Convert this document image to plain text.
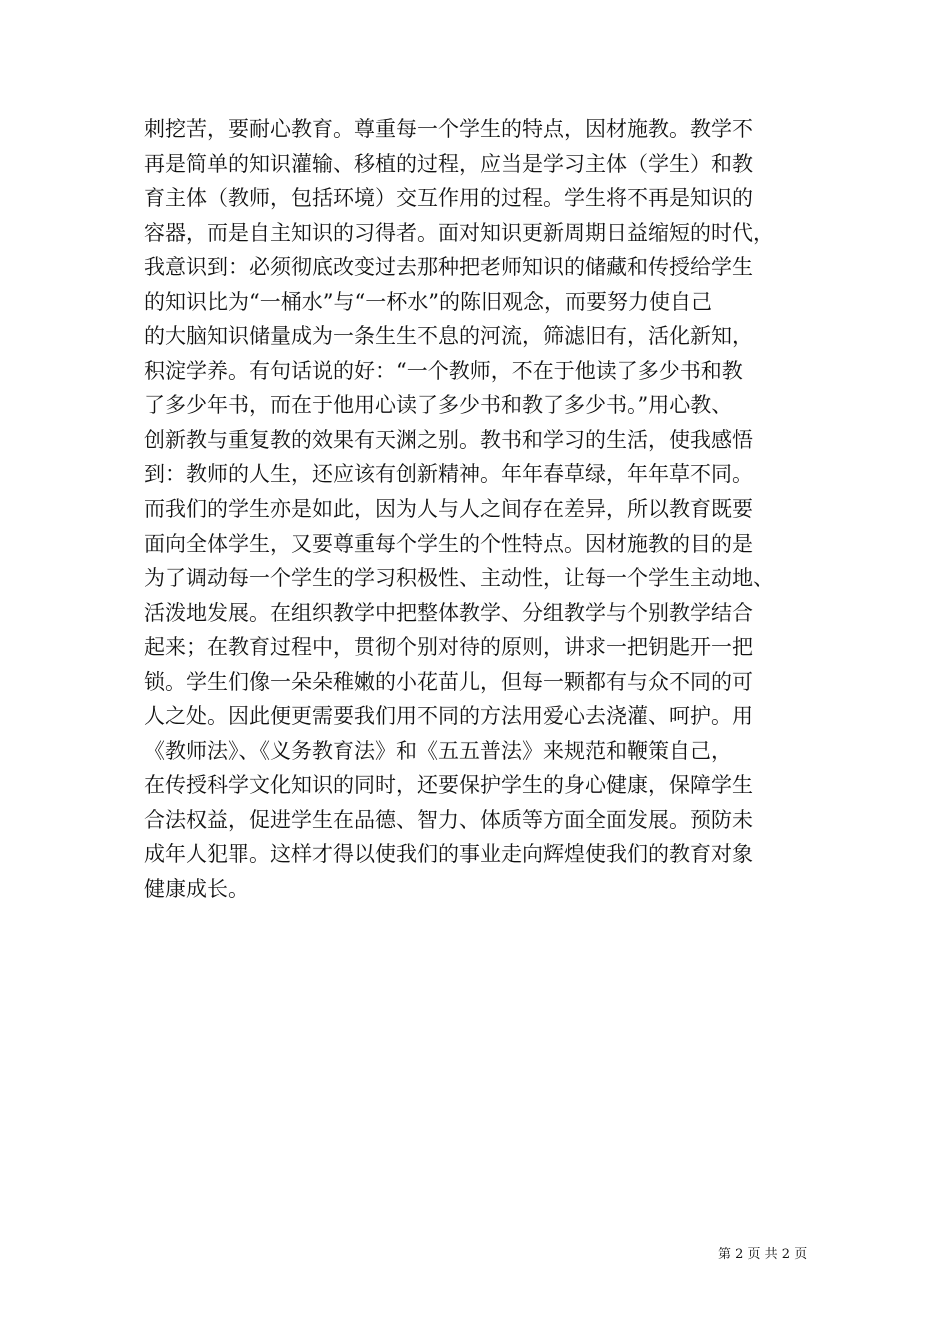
刺挖苦，要耐心教育。尊重每一个学生的特点，因材施教。教学不
再是简单的知识灌输、移植的过程，应当是学习主体（学生）和教
育主体（教师，包括环境）交互作用的过程。学生将不再是知识的
容器，而是自主知识的习得者。面对知识更新周期日益缩短的时代，
我意识到：必须彻底改变过去那种把老师知识的储藏和传授给学生
的知识比为“一桶水”与“一杯水”的陈旧观念，而要努力使自己
的大脑知识储量成为一条生生不息的河流，筛滤旧有，活化新知，
积淀学养。有句话说的好：“一个教师，不在于他读了多少书和教
了多少年书，而在于他用心读了多少书和教了多少书。”用心教、
创新教与重复教的效果有天渊之别。教书和学习的生活，使我感悟
到：教师的人生，还应该有创新精神。年年春草绿，年年草不同。
而我们的学生亦是如此，因为人与人之间存在差异，所以教育既要
面向全体学生，又要尊重每个学生的个性特点。因材施教的目的是
为了调动每一个学生的学习积极性、主动性，让每一个学生主动地、
活泼地发展。在组织教学中把整体教学、分组教学与个别教学结合
起来；在教育过程中，贯彻个别对待的原则，讲求一把钥匙开一把
锁。学生们像一朵朵稚嫩的小花苗儿，但每一颗都有与众不同的可
人之处。因此便更需要我们用不同的方法用爱心去浇灌、呵护。用
《教师法》、《义务教育法》和《五五普法》来规范和鞭策自己，
在传授科学文化知识的同时，还要保护学生的身心健康，保障学生
合法权益，促进学生在品德、智力、体质等方面全面发展。预防未
成年人犯罪。这样才得以使我们的事业走向辉煌使我们的教育对象
健康成长。
第 2 页 共 2 页
